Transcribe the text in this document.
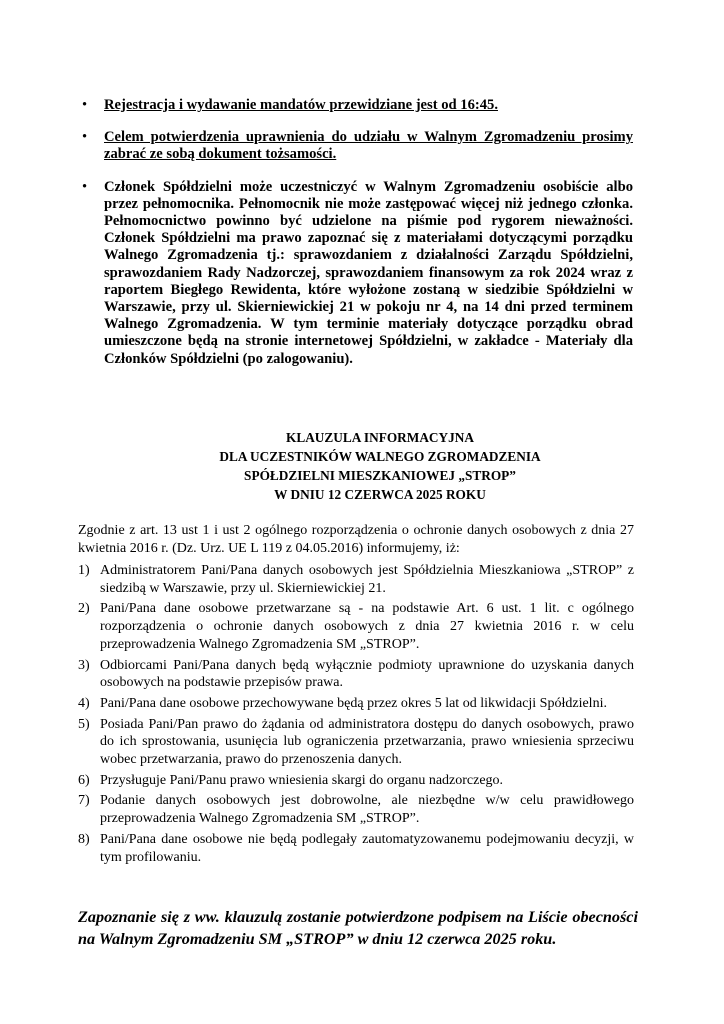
• Rejestracja i wydawanie mandatów przewidziane jest od 16:45.
• Celem potwierdzenia uprawnienia do udziału w Walnym Zgromadzeniu prosimy zabrać ze sobą dokument tożsamości.
• Członek Spółdzielni może uczestniczyć w Walnym Zgromadzeniu osobiście albo przez pełnomocnika. Pełnomocnik nie może zastępować więcej niż jednego członka. Pełnomocnictwo powinno być udzielone na piśmie pod rygorem nieważności. Członek Spółdzielni ma prawo zapoznać się z materiałami dotyczącymi porządku Walnego Zgromadzenia tj.: sprawozdaniem z działalności Zarządu Spółdzielni, sprawozdaniem Rady Nadzorczej, sprawozdaniem finansowym za rok 2024 wraz z raportem Biegłego Rewidenta, które wyłożone zostaną w siedzibie Spółdzielni w Warszawie, przy ul. Skierniewickiej 21 w pokoju nr 4, na 14 dni przed terminem Walnego Zgromadzenia. W tym terminie materiały dotyczące porządku obrad umieszczone będą na stronie internetowej Spółdzielni, w zakładce - Materiały dla Członków Spółdzielni (po zalogowaniu).
KLAUZULA INFORMACYJNA
DLA UCZESTNIKÓW WALNEGO ZGROMADZENIA
SPÓŁDZIELNI MIESZKANIOWEJ „STROP”
W DNIU 12 CZERWCA 2025 ROKU
Zgodnie z art. 13 ust 1 i ust 2 ogólnego rozporządzenia o ochronie danych osobowych z dnia 27 kwietnia 2016 r. (Dz. Urz. UE L 119 z 04.05.2016) informujemy, iż:
1) Administratorem Pani/Pana danych osobowych jest Spółdzielnia Mieszkaniowa „STROP” z siedzibą w Warszawie, przy ul. Skierniewickiej 21.
2) Pani/Pana dane osobowe przetwarzane są - na podstawie Art. 6 ust. 1 lit. c ogólnego rozporządzenia o ochronie danych osobowych z dnia 27 kwietnia 2016 r. w celu przeprowadzenia Walnego Zgromadzenia SM „STROP”.
3) Odbiorcami Pani/Pana danych będą wyłącznie podmioty uprawnione do uzyskania danych osobowych na podstawie przepisów prawa.
4) Pani/Pana dane osobowe przechowywane będą przez okres 5 lat od likwidacji Spółdzielni.
5) Posiada Pani/Pan prawo do żądania od administratora dostępu do danych osobowych, prawo do ich sprostowania, usunięcia lub ograniczenia przetwarzania, prawo wniesienia sprzeciwu wobec przetwarzania, prawo do przenoszenia danych.
6) Przysługuje Pani/Panu prawo wniesienia skargi do organu nadzorczego.
7) Podanie danych osobowych jest dobrowolne, ale niezbędne w/w celu prawidłowego przeprowadzenia Walnego Zgromadzenia SM „STROP”.
8) Pani/Pana dane osobowe nie będą podlegały zautomatyzowanemu podejmowaniu decyzji, w tym profilowaniu.
Zapoznanie się z ww. klauzulą zostanie potwierdzone podpisem na Liście obecności na Walnym Zgromadzeniu SM „STROP” w dniu 12 czerwca 2025 roku.
